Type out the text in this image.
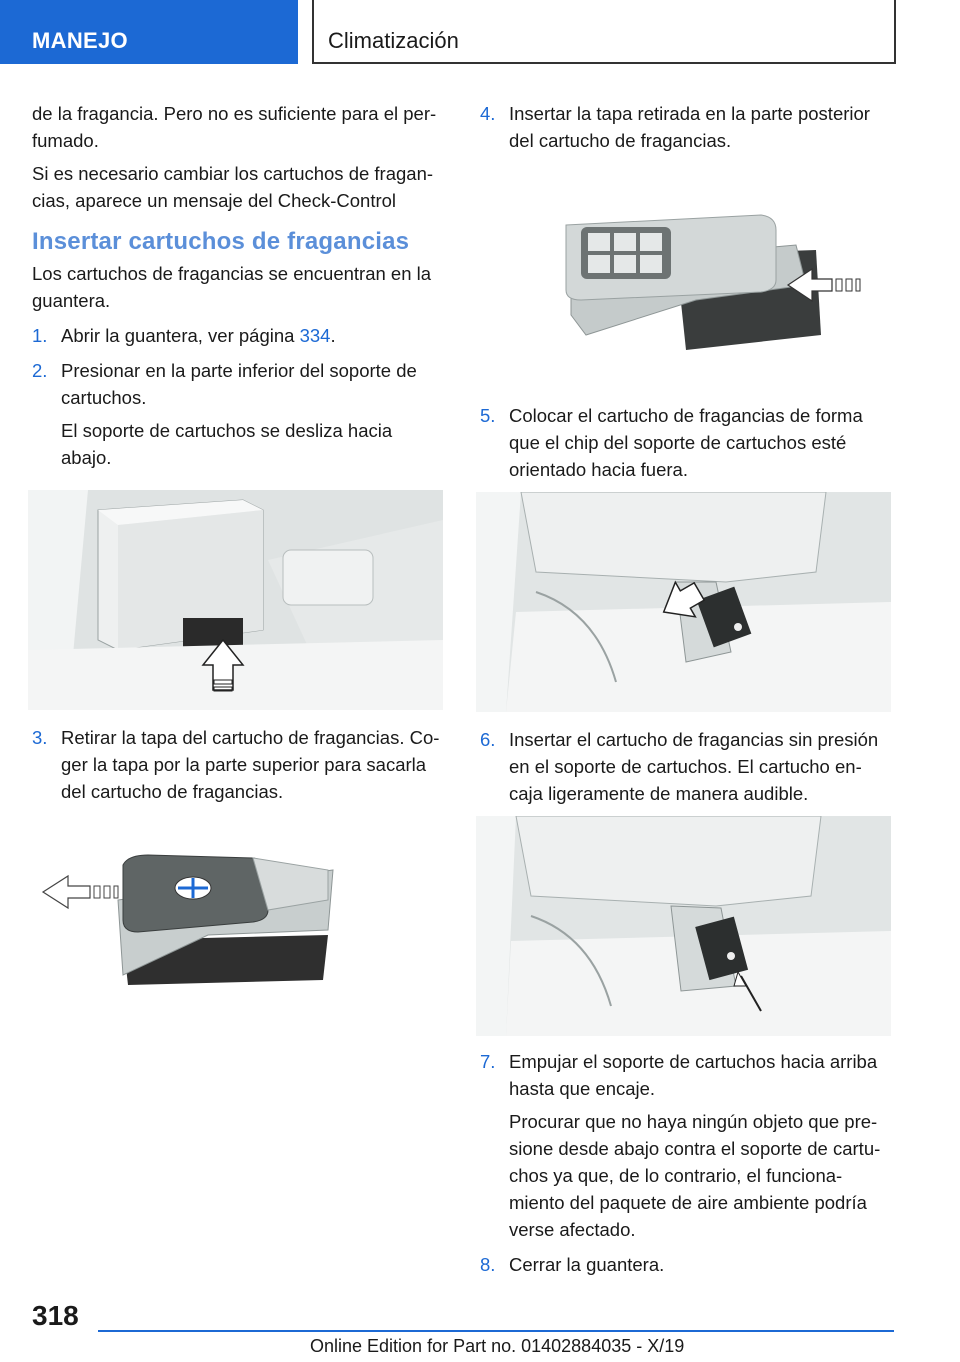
MANEJO	Climatización

de la fragancia. Pero no es suficiente para el per-fumado.

Si es necesario cambiar los cartuchos de fragan-cias, aparece un mensaje del Check-Control

Insertar cartuchos de fragancias

Los cartuchos de fragancias se encuentran en la guantera.

1. Abrir la guantera, ver página 334.
2. Presionar en la parte inferior del soporte de cartuchos.
El soporte de cartuchos se desliza hacia abajo.
3. Retirar la tapa del cartucho de fragancias. Co-ger la tapa por la parte superior para sacarla del cartucho de fragancias.
4. Insertar la tapa retirada en la parte posterior del cartucho de fragancias.
5. Colocar el cartucho de fragancias de forma que el chip del soporte de cartuchos esté orientado hacia fuera.
6. Insertar el cartucho de fragancias sin presión en el soporte de cartuchos. El cartucho en-caja ligeramente de manera audible.
7. Empujar el soporte de cartuchos hacia arriba hasta que encaje.
Procurar que no haya ningún objeto que pre-sione desde abajo contra el soporte de cartu-chos ya que, de lo contrario, el funciona-miento del paquete de aire ambiente podría verse afectado.
8. Cerrar la guantera.
318
Online Edition for Part no. 01402884035 - X/19
